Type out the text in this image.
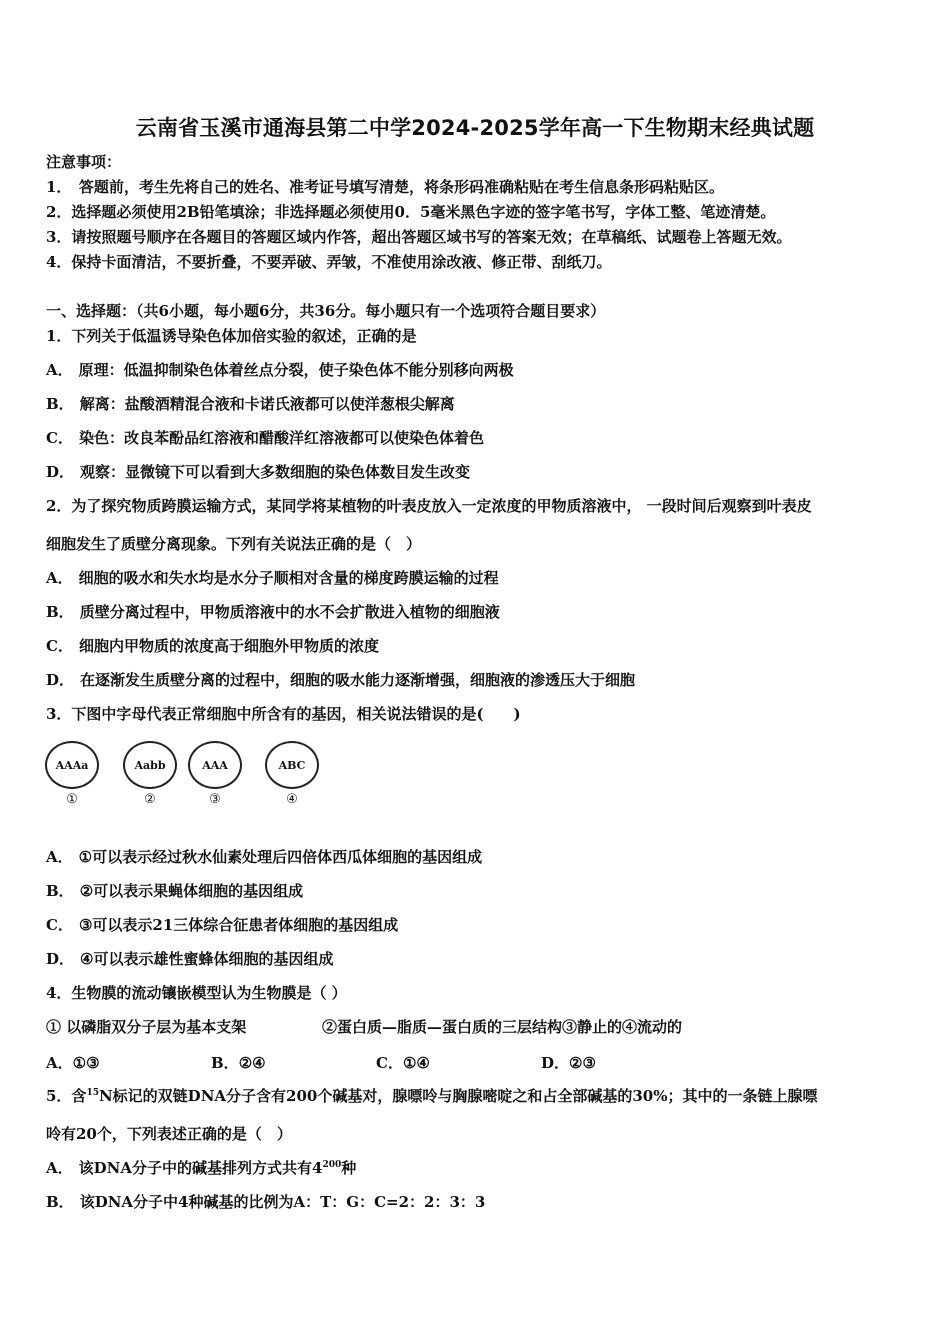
云南省玉溪市通海县第二中学2024-2025学年高一下生物期末经典试题
注意事项：
1．　答题前，考生先将自己的姓名、准考证号填写清楚，将条形码准确粘贴在考生信息条形码粘贴区。
2．选择题必须使用2B铅笔填涂；非选择题必须使用0．5毫米黑色字迹的签字笔书写，字体工整、笔迹清楚。
3．请按照题号顺序在各题目的答题区域内作答，超出答题区域书写的答案无效；在草稿纸、试题卷上答题无效。
4．保持卡面清洁，不要折叠，不要弄破、弄皱，不准使用涂改液、修正带、刮纸刀。
一、选择题：（共6小题，每小题6分，共36分。每小题只有一个选项符合题目要求）
1．下列关于低温诱导染色体加倍实验的叙述，正确的是
A． 原理：低温抑制染色体着丝点分裂，使子染色体不能分别移向两极
B． 解离：盐酸酒精混合液和卡诺氏液都可以使洋葱根尖解离
C． 染色：改良苯酚品红溶液和醋酸洋红溶液都可以使染色体着色
D． 观察：显微镜下可以看到大多数细胞的染色体数目发生改变
2．为了探究物质跨膜运输方式，某同学将某植物的叶表皮放入一定浓度的甲物质溶液中， 一段时间后观察到叶表皮
细胞发生了质壁分离现象。下列有关说法正确的是（　）
A． 细胞的吸水和失水均是水分子顺相对含量的梯度跨膜运输的过程
B． 质壁分离过程中，甲物质溶液中的水不会扩散进入植物的细胞液
C． 细胞内甲物质的浓度高于细胞外甲物质的浓度
D． 在逐渐发生质壁分离的过程中，细胞的吸水能力逐渐增强，细胞液的渗透压大于细胞
3．下图中字母代表正常细胞中所含有的基因，相关说法错误的是(　　)
AAAa	Aabb	AAA	ABC
①	②	③	④
A． ①可以表示经过秋水仙素处理后四倍体西瓜体细胞的基因组成
B． ②可以表示果蝇体细胞的基因组成
C． ③可以表示21三体综合征患者体细胞的基因组成
D． ④可以表示雄性蜜蜂体细胞的基因组成
4．生物膜的流动镶嵌模型认为生物膜是（ ）
① 以磷脂双分子层为基本支架	②蛋白质—脂质—蛋白质的三层结构③静止的④流动的
A．①③	B．②④	C．①④	D．②③
5．含$^{15}$N标记的双链DNA分子含有200个碱基对，腺嘌呤与胸腺嘧啶之和占全部碱基的30%；其中的一条链上腺嘌
呤有20个，下列表述正确的是（　）
A． 该DNA分子中的碱基排列方式共有$4^{200}$种
B． 该DNA分子中4种碱基的比例为A：T：G：C=2：2：3：3
